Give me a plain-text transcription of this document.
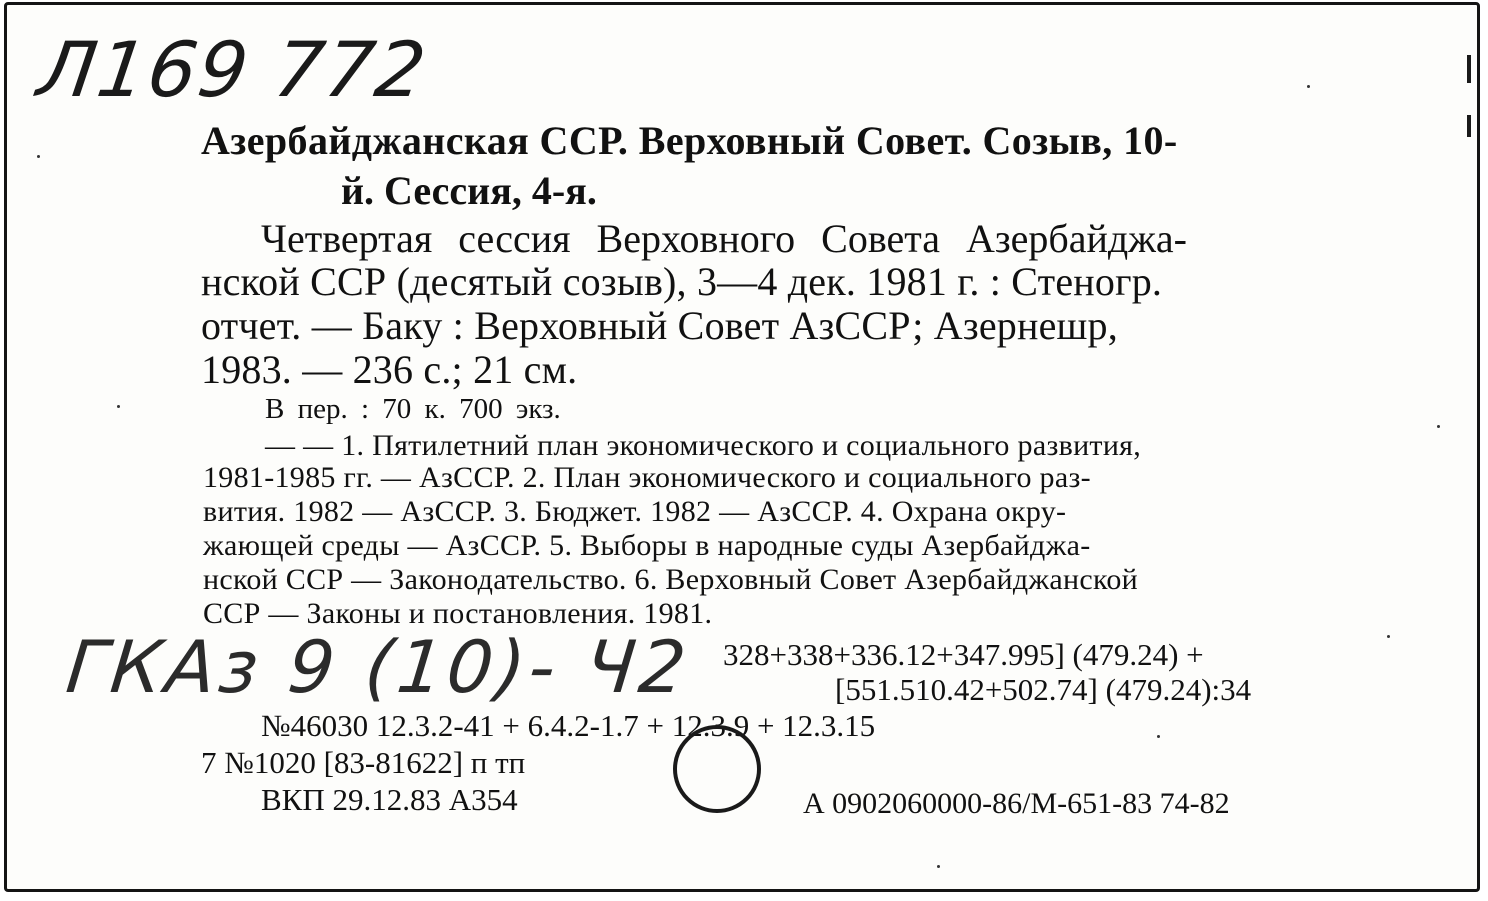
Л169 772
Азербайджанская ССР. Верховный Совет. Созыв, 10-
й. Сессия, 4-я.
Четвертая сессия Верховного Совета Азербайджа-
нской ССР (десятый созыв), 3—4 дек. 1981 г. : Стеногр.
отчет. — Баку : Верховный Совет АзССР; Азернешр,
1983. — 236 с.; 21 см.
В пер. : 70 к. 700 экз.
— — 1. Пятилетний план экономического и социального развития,
1981-1985 гг. — АзССР. 2. План экономического и социального раз-
вития. 1982 — АзССР. 3. Бюджет. 1982 — АзССР. 4. Охрана окру-
жающей среды — АзССР. 5. Выборы в народные суды Азербайджа-
нской ССР — Законодательство. 6. Верховный Совет Азербайджанской
ССР — Законы и постановления. 1981.
ГКАз 9 (10)- Ч2 328+338+336.12+347.995] (479.24) +
[551.510.42+502.74] (479.24):34
№46030 12.3.2-41 + 6.4.2-1.7 + 12.3.9 + 12.3.15
7 №1020 [83-81622] п тп
ВКП 29.12.83 А354	А 0902060000-86/М-651-83 74-82
